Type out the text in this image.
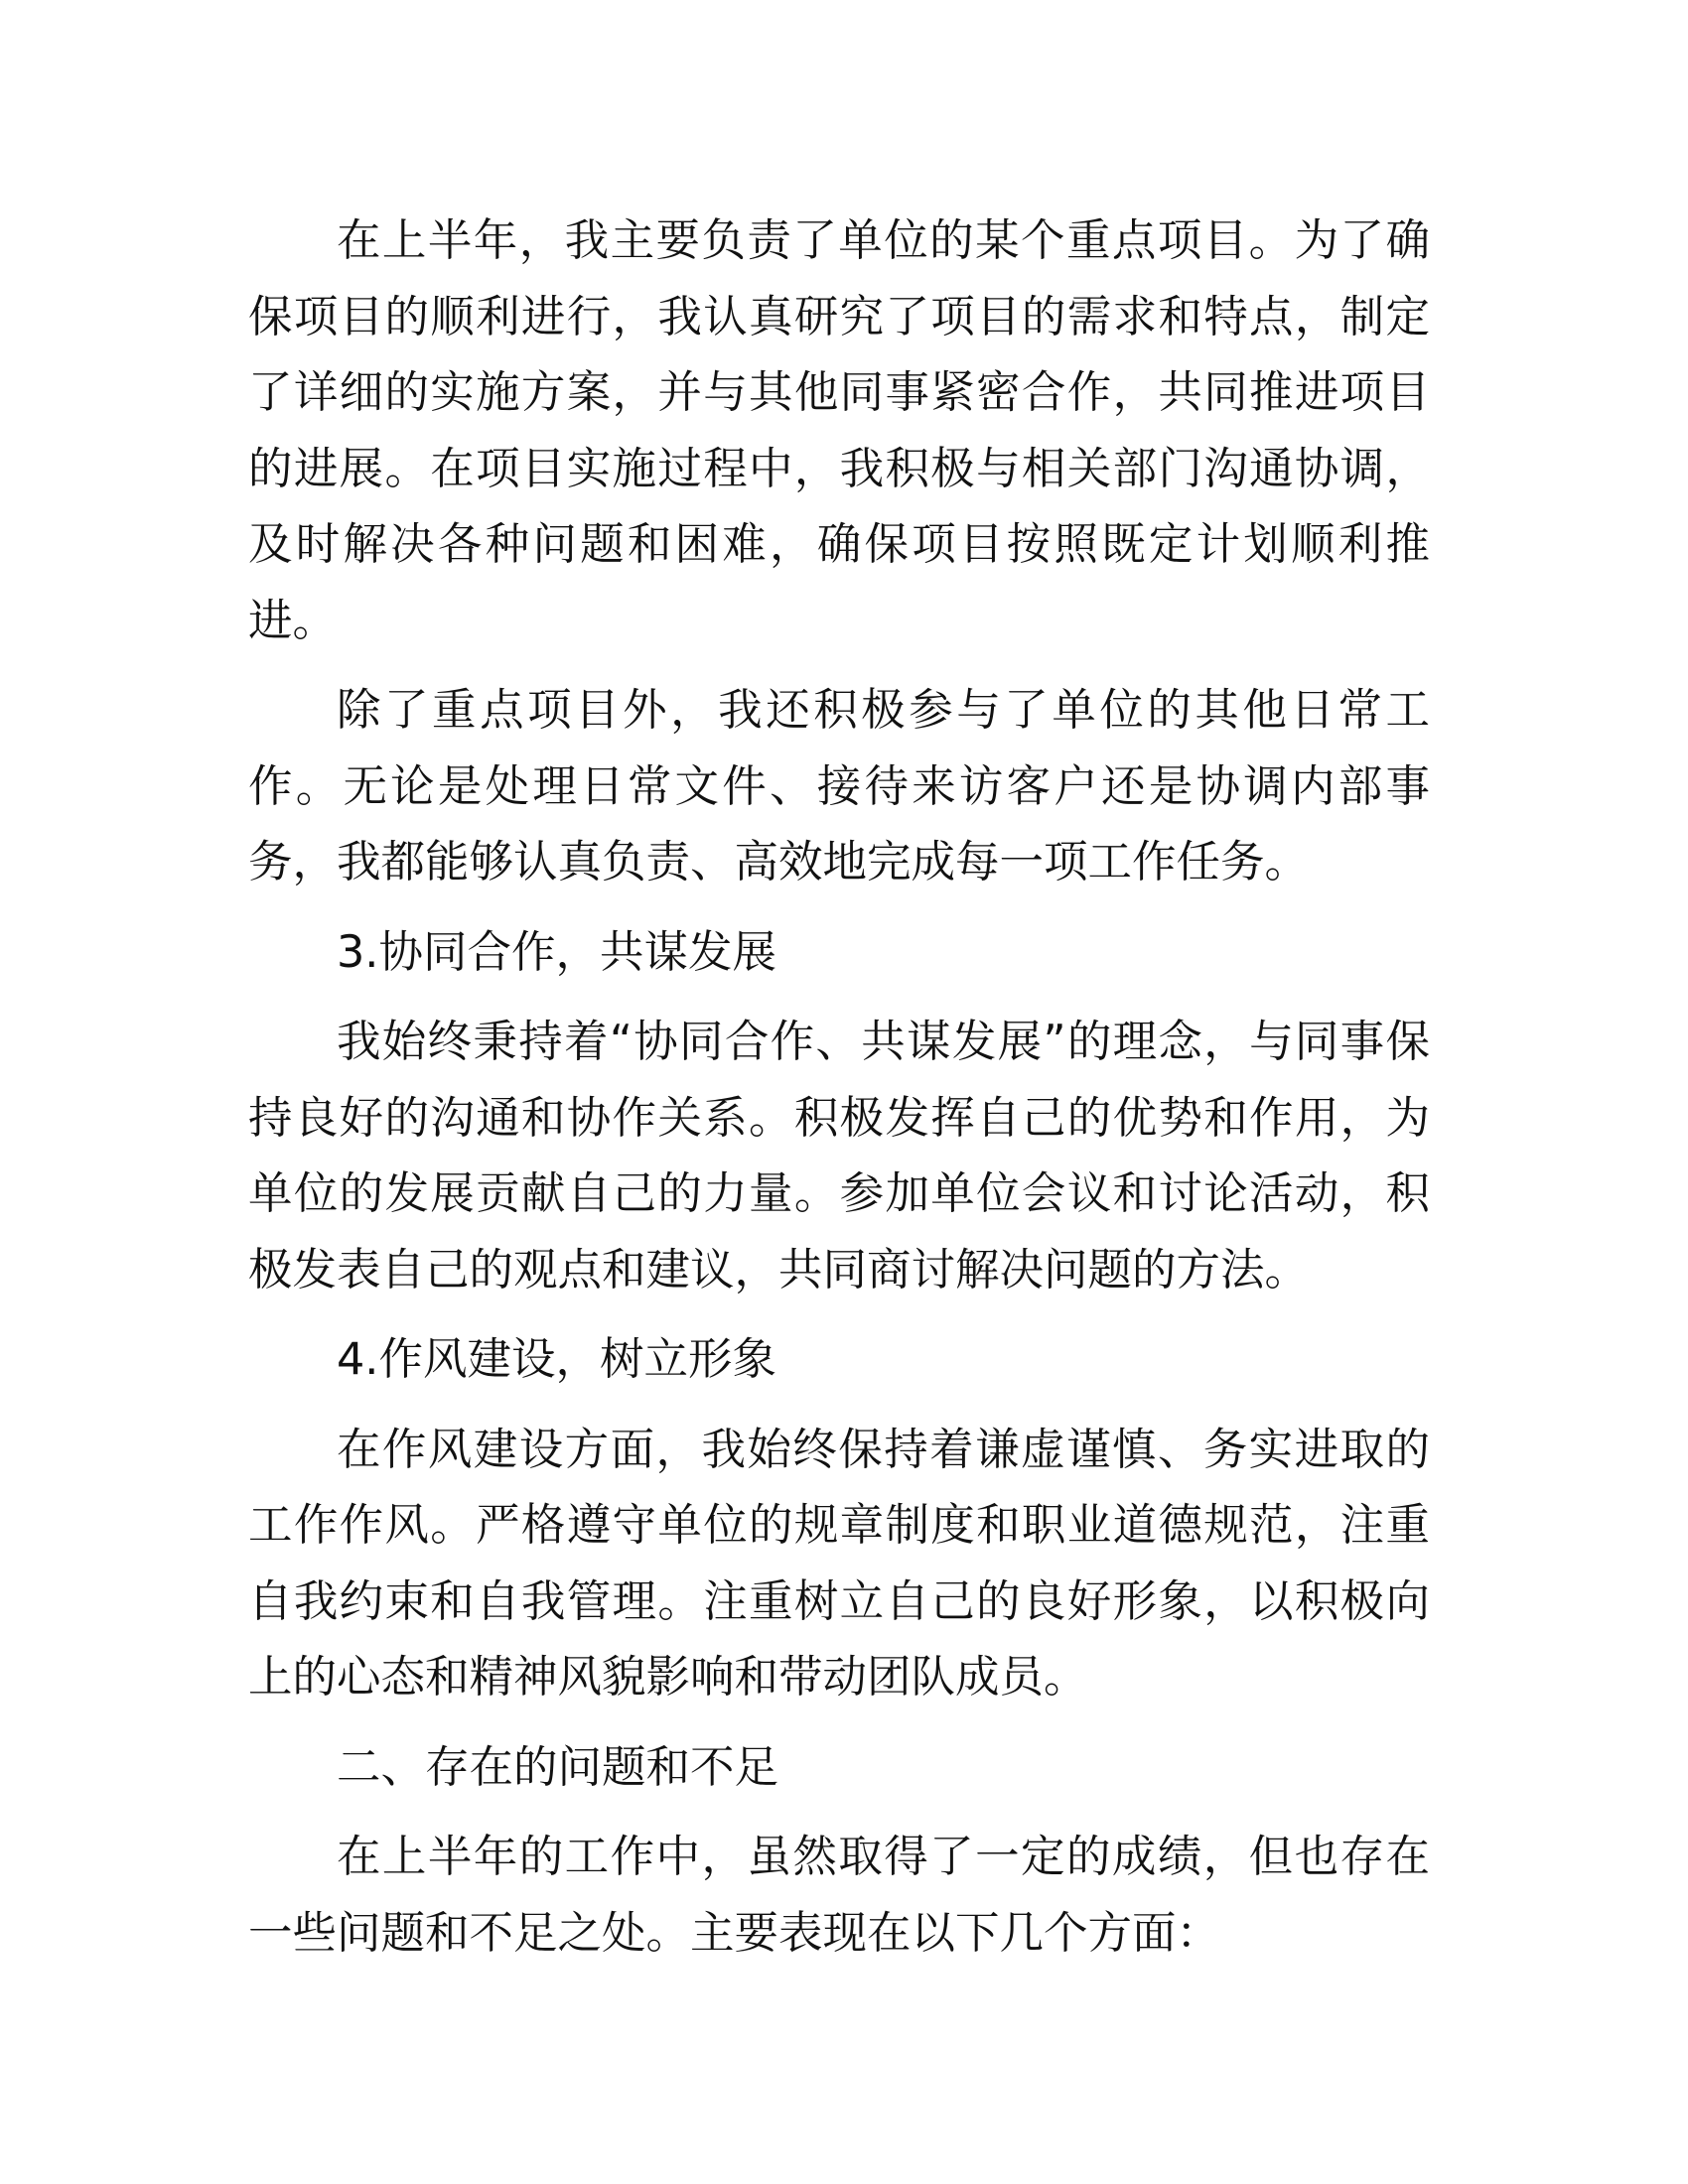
在上半年，我主要负责了单位的某个重点项目。为了确保项目的顺利进行，我认真研究了项目的需求和特点，制定了详细的实施方案，并与其他同事紧密合作，共同推进项目的进展。在项目实施过程中，我积极与相关部门沟通协调，及时解决各种问题和困难，确保项目按照既定计划顺利推进。

除了重点项目外，我还积极参与了单位的其他日常工作。无论是处理日常文件、接待来访客户还是协调内部事务，我都能够认真负责、高效地完成每一项工作任务。

3.协同合作，共谋发展

我始终秉持着“协同合作、共谋发展”的理念，与同事保持良好的沟通和协作关系。积极发挥自己的优势和作用，为单位的发展贡献自己的力量。参加单位会议和讨论活动，积极发表自己的观点和建议，共同商讨解决问题的方法。

4.作风建设，树立形象

在作风建设方面，我始终保持着谦虚谨慎、务实进取的工作作风。严格遵守单位的规章制度和职业道德规范，注重自我约束和自我管理。注重树立自己的良好形象，以积极向上的心态和精神风貌影响和带动团队成员。

二、存在的问题和不足

在上半年的工作中，虽然取得了一定的成绩，但也存在一些问题和不足之处。主要表现在以下几个方面：
